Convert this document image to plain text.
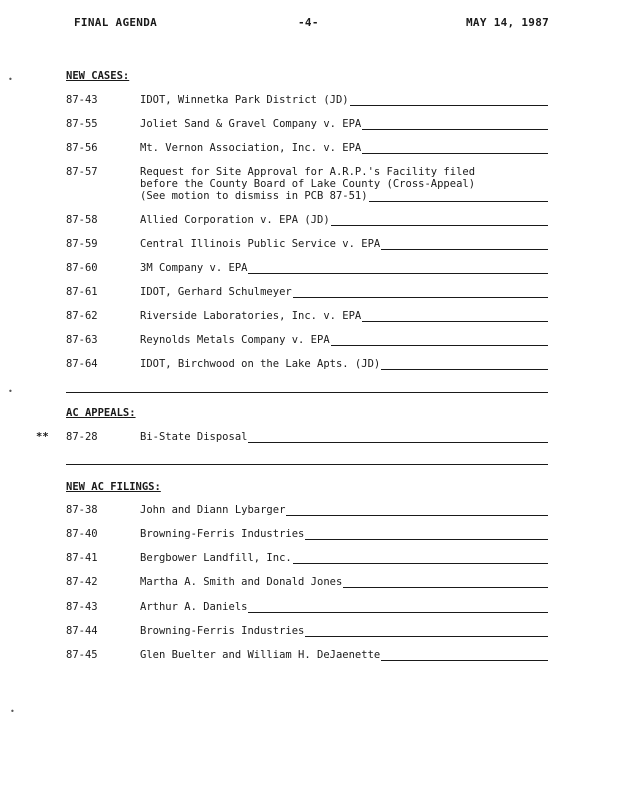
FINAL AGENDA	-4-	MAY 14, 1987
•
•
•
NEW CASES:
87-43	IDOT, Winnetka Park District (JD)
87-55	Joliet Sand & Gravel Company v. EPA
87-56	Mt. Vernon Association, Inc. v. EPA
87-57	Request for Site Approval for A.R.P.'s Facility filed
before the County Board of Lake County (Cross-Appeal)
(See motion to dismiss in PCB 87-51)
87-58	Allied Corporation v. EPA (JD)
87-59	Central Illinois Public Service v. EPA
87-60	3M Company v. EPA
87-61	IDOT, Gerhard Schulmeyer
87-62	Riverside Laboratories, Inc. v. EPA
87-63	Reynolds Metals Company v. EPA
87-64	IDOT, Birchwood on the Lake Apts. (JD)
AC APPEALS:
** 87-28	Bi-State Disposal
NEW AC FILINGS:
87-38	John and Diann Lybarger
87-40	Browning-Ferris Industries
87-41	Bergbower Landfill, Inc.
87-42	Martha A. Smith and Donald Jones
87-43	Arthur A. Daniels
87-44	Browning-Ferris Industries
87-45	Glen Buelter and William H. DeJaenette
